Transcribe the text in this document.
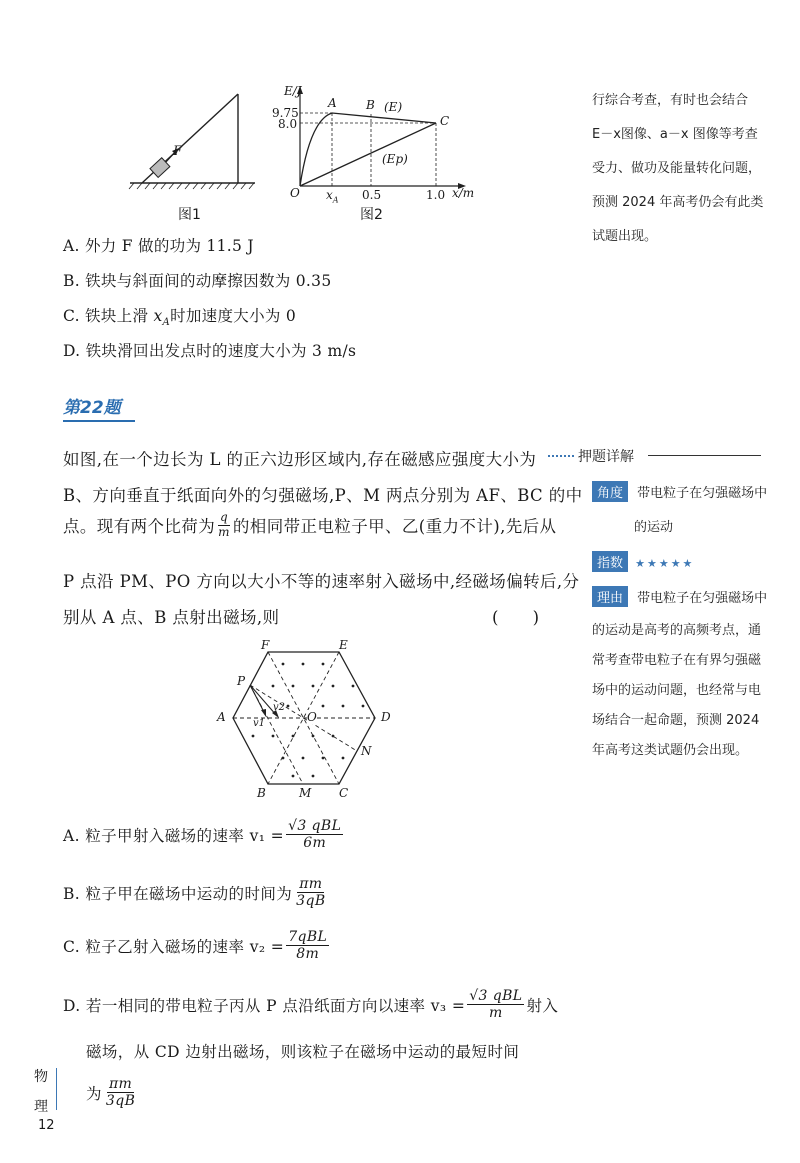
F
图1
E/J
9.75
8.0
A B
C
(E)
(Ep)
O $x_A$ 0.5	1.0 x/m
图2
A. 外力 F 做的功为 11.5 J
B. 铁块与斜面间的动摩擦因数为 0.35
C. 铁块上滑 $x_A$时加速度大小为 0
D. 铁块滑回出发点时的速度大小为 3 m/s
行综合考查，有时也会结合
E－x图像、a－x 图像等考查
受力、做功及能量转化问题，
预测 2024 年高考仍会有此类
试题出现。
第22题
如图,在一个边长为 L 的正六边形区域内,存在磁感应强度大小为
B、方向垂直于纸面向外的匀强磁场,P、M 两点分别为 AF、BC 的中
点。现有两个比荷为 $\frac{q}{m}$ 的相同带正电粒子甲、乙(重力不计),先后从
P 点沿 PM、PO 方向以大小不等的速率射入磁场中,经磁场偏转后,分
别从 A 点、B 点射出磁场,则	(　　)
A
B	C
D
E
F
P
M
N
O
v1
v2
A. 粒子甲射入磁场的速率 $v_1 = \frac{\text{√3 qBL}}{6m}$
B. 粒子甲在磁场中运动的时间为 $\frac{\pi m}{3qB}$
C. 粒子乙射入磁场的速率 $v_2 = \frac{\text{7qBL}}{8m}$
D. 若一相同的带电粒子丙从 P 点沿纸面方向以速率 $v_3 = \frac{\text{√3 qBL}}{m}$ 射入
磁场，从 CD 边射出磁场，则该粒子在磁场中运动的最短时间
为 $\frac{\pi m}{3qB}$
押题详解
角度 带电粒子在匀强磁场中
的运动
指数 ★★★★★
理由 带电粒子在匀强磁场中
的运动是高考的高频考点，通
常考查带电粒子在有界匀强磁
场中的运动问题，也经常与电
场结合一起命题，预测 2024
年高考这类试题仍会出现。
物
理
12
